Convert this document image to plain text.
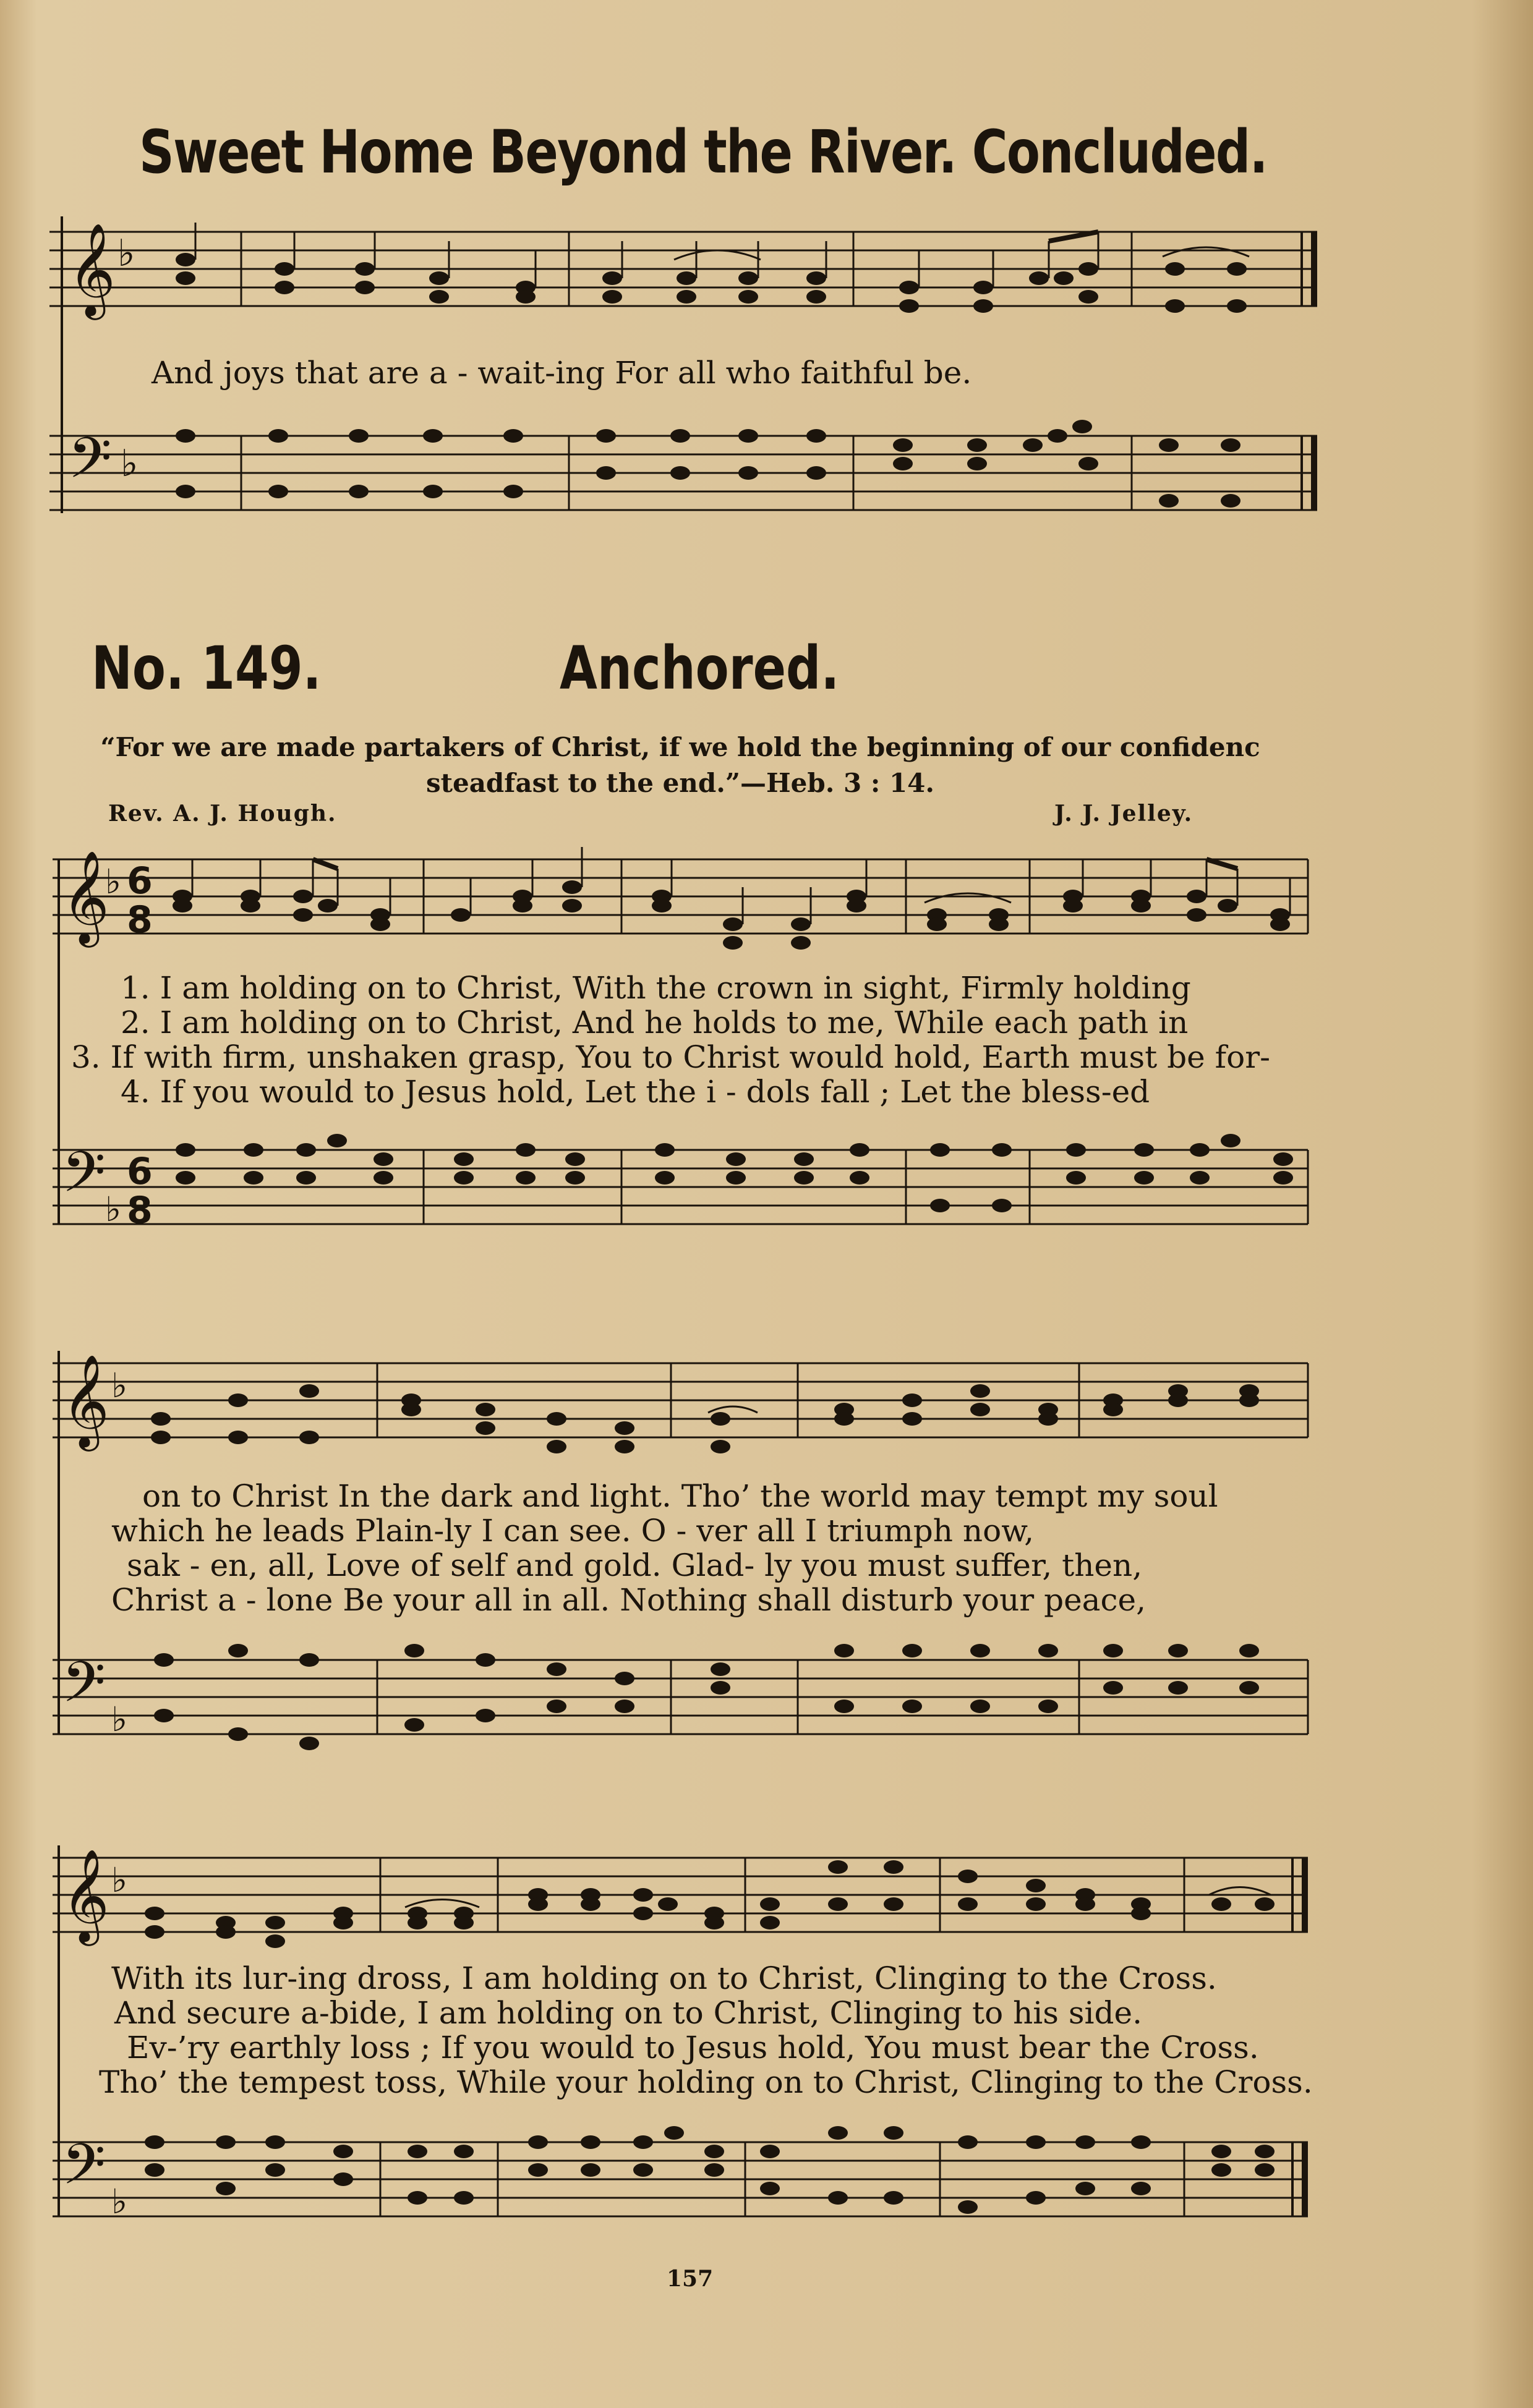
Sweet Home Beyond the River. Concluded.
𝄞 ♭
And joys that are a - wait-ing For all who faithful be.
𝄢 ♭
No. 149.	Anchored.
“For we are made partakers of Christ, if we hold the beginning of our confidenc
steadfast to the end.”—Heb. 3 : 14.
Rev. A. J. Hough.	J. J. Jelley.
𝄞
♭ 6
8
1. I am holding on to Christ, With the crown in sight, Firmly holding
2. I am holding on to Christ, And he holds to me, While each path in
3. If with firm, unshaken grasp, You to Christ would hold, Earth must be for-
4. If you would to Jesus hold, Let the i - dols fall ; Let the bless-ed
𝄢 ♭
6
8
𝄞 ♭
on to Christ In the dark and light. Tho’ the world may tempt my soul
which he leads Plain-ly I can see. O - ver all I triumph now,
sak - en, all, Love of self and gold. Glad- ly you must suffer, then,
Christ a - lone Be your all in all. Nothing shall disturb your peace,
𝄢 ♭
𝄞 ♭
With its lur-ing dross, I am holding on to Christ, Clinging to the Cross.
And secure a-bide, I am holding on to Christ, Clinging to his side.
Ev-’ry earthly loss ; If you would to Jesus hold, You must bear the Cross.
Tho’ the tempest toss, While your holding on to Christ, Clinging to the Cross.
𝄢 ♭
157
